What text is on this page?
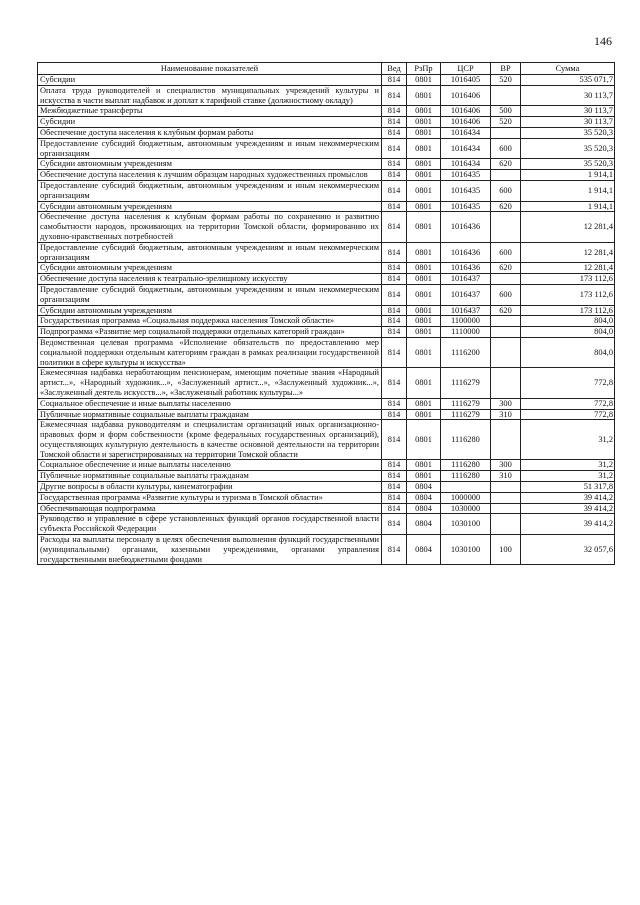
146
Наименование показателей	Вед	РзПр	ЦСР	ВР	Сумма
Субсидии	814	0801	1016405	520	535 071,7
Оплата труда руководителей и специалистов муниципальных учреждений культуры и искусства в части выплат надбавок и доплат к тарифной ставке (должностному окладу)	814	0801	1016406		30 113,7
Межбюджетные трансферты	814	0801	1016406	500	30 113,7
Субсидии	814	0801	1016406	520	30 113,7
Обеспечение доступа населения к клубным формам работы	814	0801	1016434		35 520,3
Предоставление субсидий бюджетным, автономным учреждениям и иным некоммерческим организациям	814	0801	1016434	600	35 520,3
Субсидии автономным учреждениям	814	0801	1016434	620	35 520,3
Обеспечение доступа населения к лучшим образцам народных художественных промыслов	814	0801	1016435		1 914,1
Предоставление субсидий бюджетным, автономным учреждениям и иным некоммерческим организациям	814	0801	1016435	600	1 914,1
Субсидии автономным учреждениям	814	0801	1016435	620	1 914,1
Обеспечение доступа населения к клубным формам работы по сохранению и развитию самобытности народов, проживающих на территории Томской области, формированию их духовно-нравственных потребностей	814	0801	1016436		12 281,4
Предоставление субсидий бюджетным, автономным учреждениям и иным некоммерческим организациям	814	0801	1016436	600	12 281,4
Субсидии автономным учреждениям	814	0801	1016436	620	12 281,4
Обеспечение доступа населения к театрально-зрелищному искусству	814	0801	1016437		173 112,6
Предоставление субсидий бюджетным, автономным учреждениям и иным некоммерческим организациям	814	0801	1016437	600	173 112,6
Субсидии автономным учреждениям	814	0801	1016437	620	173 112,6
Государственная программа «Социальная поддержка населения Томской области»	814	0801	1100000		804,0
Подпрограмма «Развитие мер социальной поддержки отдельных категорий граждан»	814	0801	1110000		804,0
Ведомственная целевая программа «Исполнение обязательств по предоставлению мер социальной поддержки отдельным категориям граждан в рамках реализации государственной политики в сфере культуры и искусства»	814	0801	1116200		804,0
Ежемесячная надбавка неработающим пенсионерам, имеющим почетные звания «Народный артист...», «Народный художник...», «Заслуженный артист...», «Заслуженный художник...», «Заслуженный деятель искусств...», «Заслуженный работник культуры...»	814	0801	1116279		772,8
Социальное обеспечение и иные выплаты населению	814	0801	1116279	300	772,8
Публичные нормативные социальные выплаты гражданам	814	0801	1116279	310	772,8
Ежемесячная надбавка руководителям и специалистам организаций иных организационно-правовых форм и форм собственности (кроме федеральных государственных организаций), осуществляющих культурную деятельность в качестве основной деятельности на территории Томской области и зарегистрированных на территории Томской области	814	0801	1116280		31,2
Социальное обеспечение и иные выплаты населению	814	0801	1116280	300	31,2
Публичные нормативные социальные выплаты гражданам	814	0801	1116280	310	31,2
Другие вопросы в области культуры, кинематографии	814	0804			51 317,8
Государственная программа «Развитие культуры и туризма в Томской области»	814	0804	1000000		39 414,2
Обеспечивающая подпрограмма	814	0804	1030000		39 414,2
Руководство и управление в сфере установленных функций органов государственной власти субъекта Российской Федерации	814	0804	1030100		39 414,2
Расходы на выплаты персоналу в целях обеспечения выполнения функций государственными (муниципальными) органами, казенными учреждениями, органами управления государственными внебюджетными фондами	814	0804	1030100	100	32 057,6
